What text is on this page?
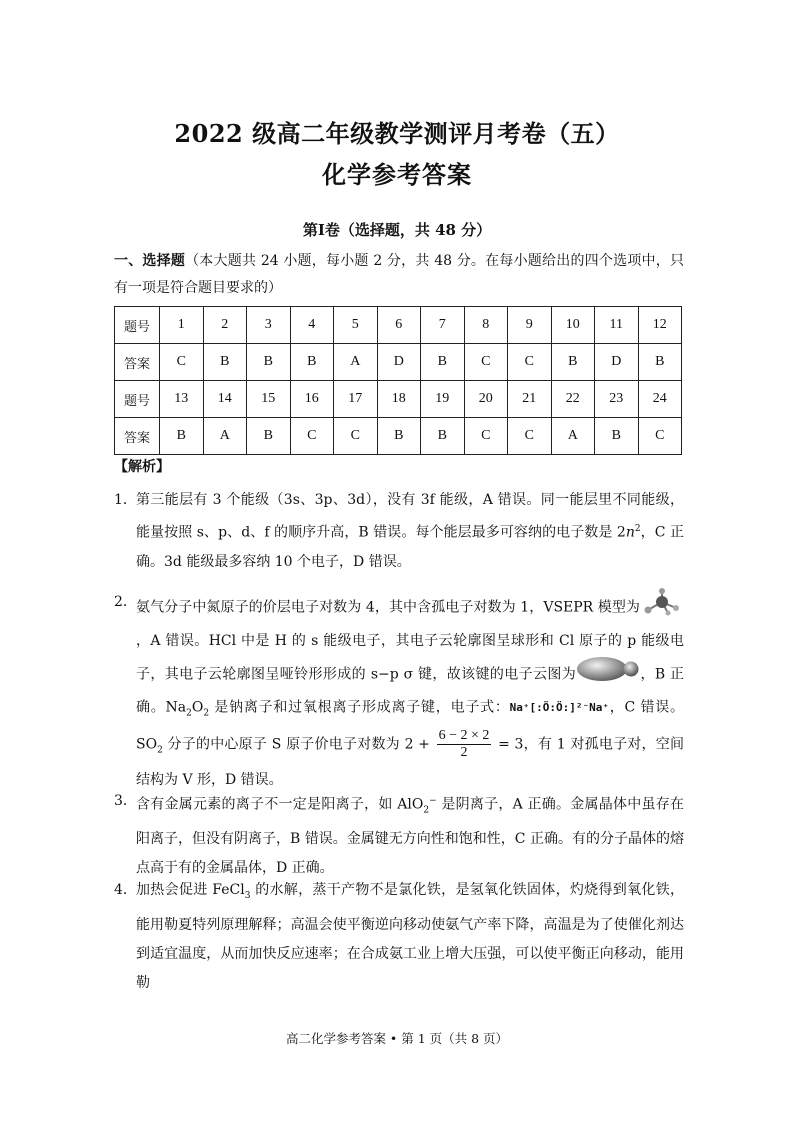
2022 级高二年级教学测评月考卷（五）
化学参考答案
第Ⅰ卷（选择题，共 48 分）
一、选择题（本大题共 24 小题，每小题 2 分，共 48 分。在每小题给出的四个选项中，只有一项是符合题目要求的）
题号	1	2	3	4	5	6	7	8	9	10	11	12
答案	C	B	B	B	A	D	B	C	C	B	D	B
题号	13	14	15	16	17	18	19	20	21	22	23	24
答案	B	A	B	C	C	B	B	C	C	A	B	C
【解析】
1． 第三能层有 3 个能级（3s、3p、3d），没有 3f 能级，A 错误。同一能层里不同能级，能量按照 s、p、d、f 的顺序升高，B 错误。每个能层最多可容纳的电子数是 $2n^2$，C 正确。3d 能级最多容纳 10 个电子，D 错误。
2． 氨气分子中氮原子的价层电子对数为 4，其中含孤电子对数为 1，VSEPR 模型为，A 错误。HCl 中是 H 的 s 能级电子，其电子云轮廓图呈球形和 Cl 原子的 p 能级电子，其电子云轮廓图呈哑铃形形成的 s−p σ 键，故该键的电子云图为	，B 正确。$Na_2O_2$ 是钠离子和过氧根离子形成离子键，电子式：Na⁺[:Ö:Ö:]²⁻Na⁺，C 错误。$SO_2$ 分子的中心原子 S 原子价电子对数为 $2 + \frac{6 - 2 \times 2}{2} = 3$，有 1 对孤电子对，空间结构为 V 形，D 错误。
3． 含有金属元素的离子不一定是阳离子，如 AlO$_2$− 是阴离子，A 正确。金属晶体中虽存在阳离子，但没有阴离子，B 错误。金属键无方向性和饱和性，C 正确。有的分子晶体的熔点高于有的金属晶体，D 正确。
4． 加热会促进 FeCl$_3$ 的水解，蒸干产物不是氯化铁，是氢氧化铁固体，灼烧得到氧化铁，能用勒夏特列原理解释；高温会使平衡逆向移动使氨气产率下降，高温是为了使催化剂达到适宜温度，从而加快反应速率；在合成氨工业上增大压强，可以使平衡正向移动，能用勒
高二化学参考答案 • 第 1 页（共 8 页）
